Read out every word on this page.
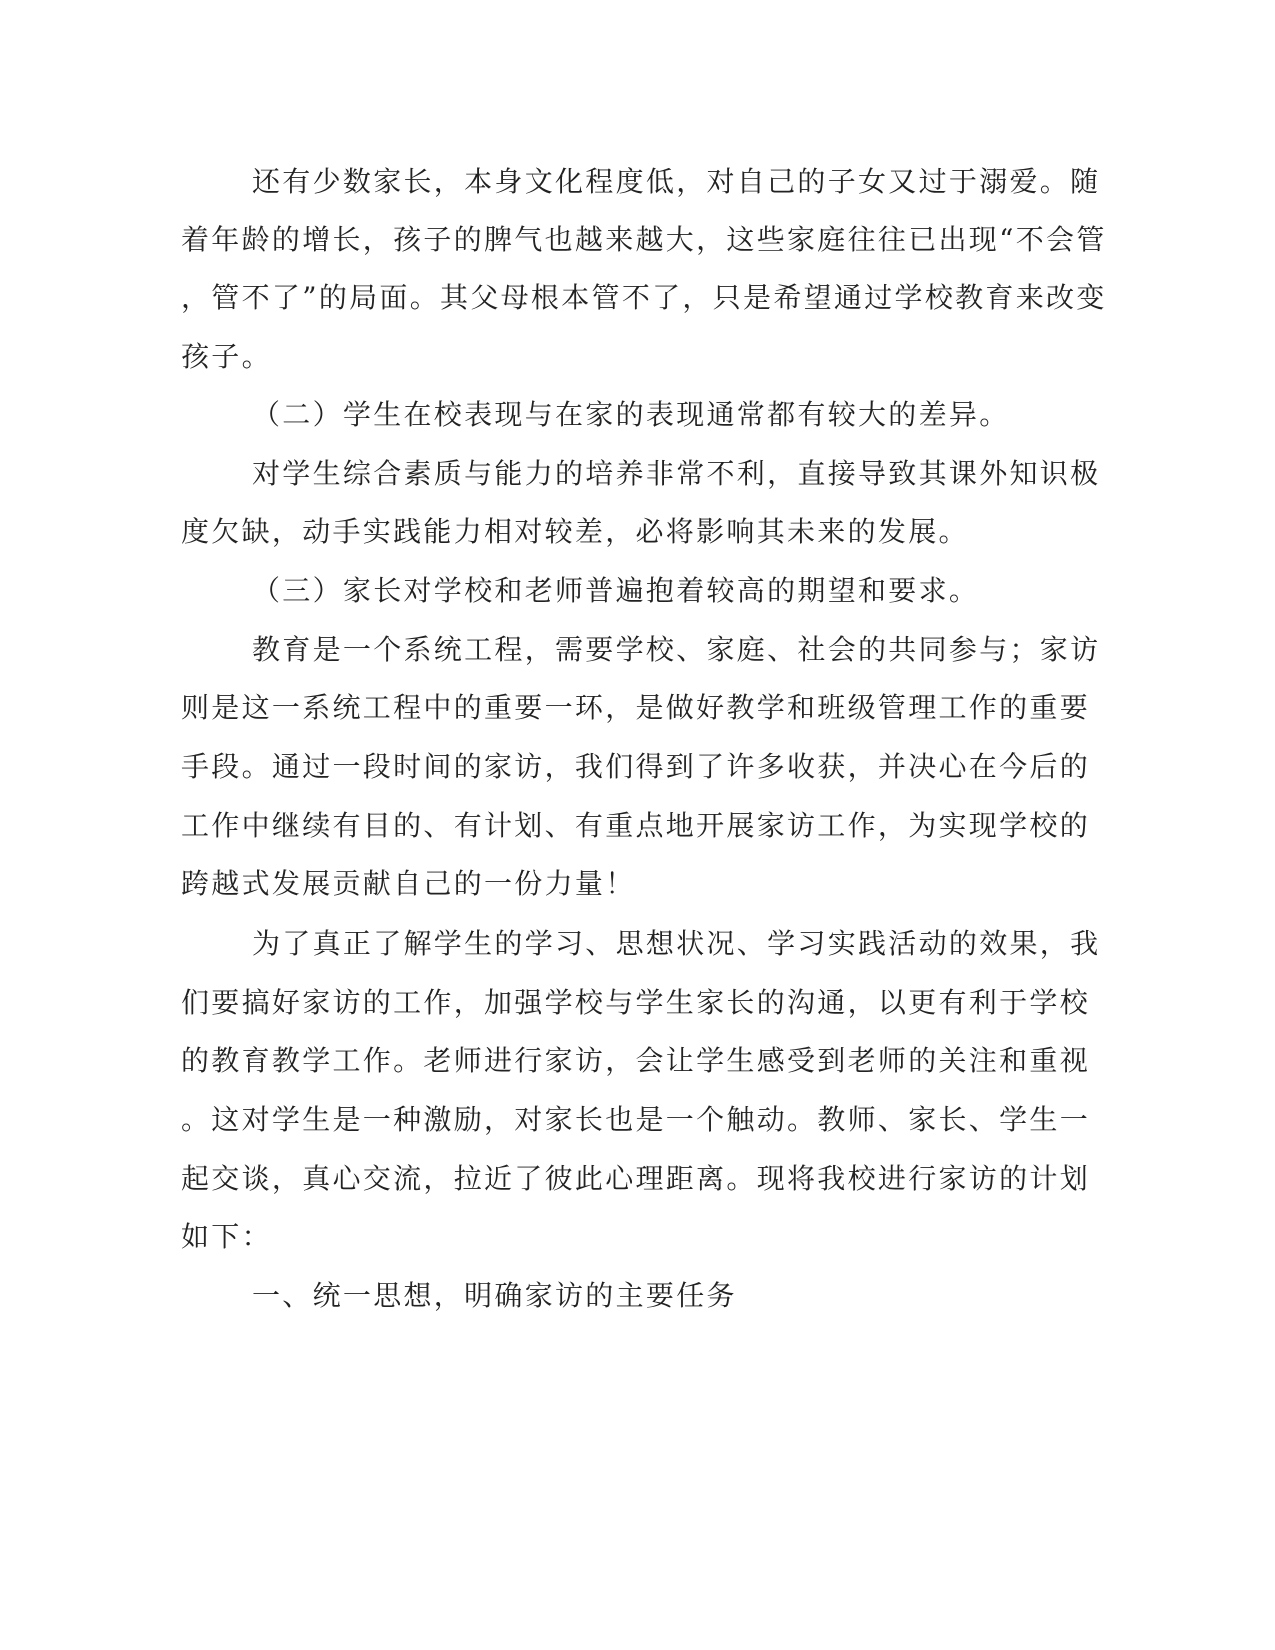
还有少数家长，本身文化程度低，对自己的子女又过于溺爱。随
着年龄的增长，孩子的脾气也越来越大，这些家庭往往已出现“不会管
，管不了”的局面。其父母根本管不了，只是希望通过学校教育来改变
孩子。
（二）学生在校表现与在家的表现通常都有较大的差异。
对学生综合素质与能力的培养非常不利，直接导致其课外知识极
度欠缺，动手实践能力相对较差，必将影响其未来的发展。
（三）家长对学校和老师普遍抱着较高的期望和要求。
教育是一个系统工程，需要学校、家庭、社会的共同参与；家访
则是这一系统工程中的重要一环，是做好教学和班级管理工作的重要
手段。通过一段时间的家访，我们得到了许多收获，并决心在今后的
工作中继续有目的、有计划、有重点地开展家访工作，为实现学校的
跨越式发展贡献自己的一份力量！
为了真正了解学生的学习、思想状况、学习实践活动的效果，我
们要搞好家访的工作，加强学校与学生家长的沟通，以更有利于学校
的教育教学工作。老师进行家访，会让学生感受到老师的关注和重视
。这对学生是一种激励，对家长也是一个触动。教师、家长、学生一
起交谈，真心交流，拉近了彼此心理距离。现将我校进行家访的计划
如下：
一、统一思想，明确家访的主要任务
